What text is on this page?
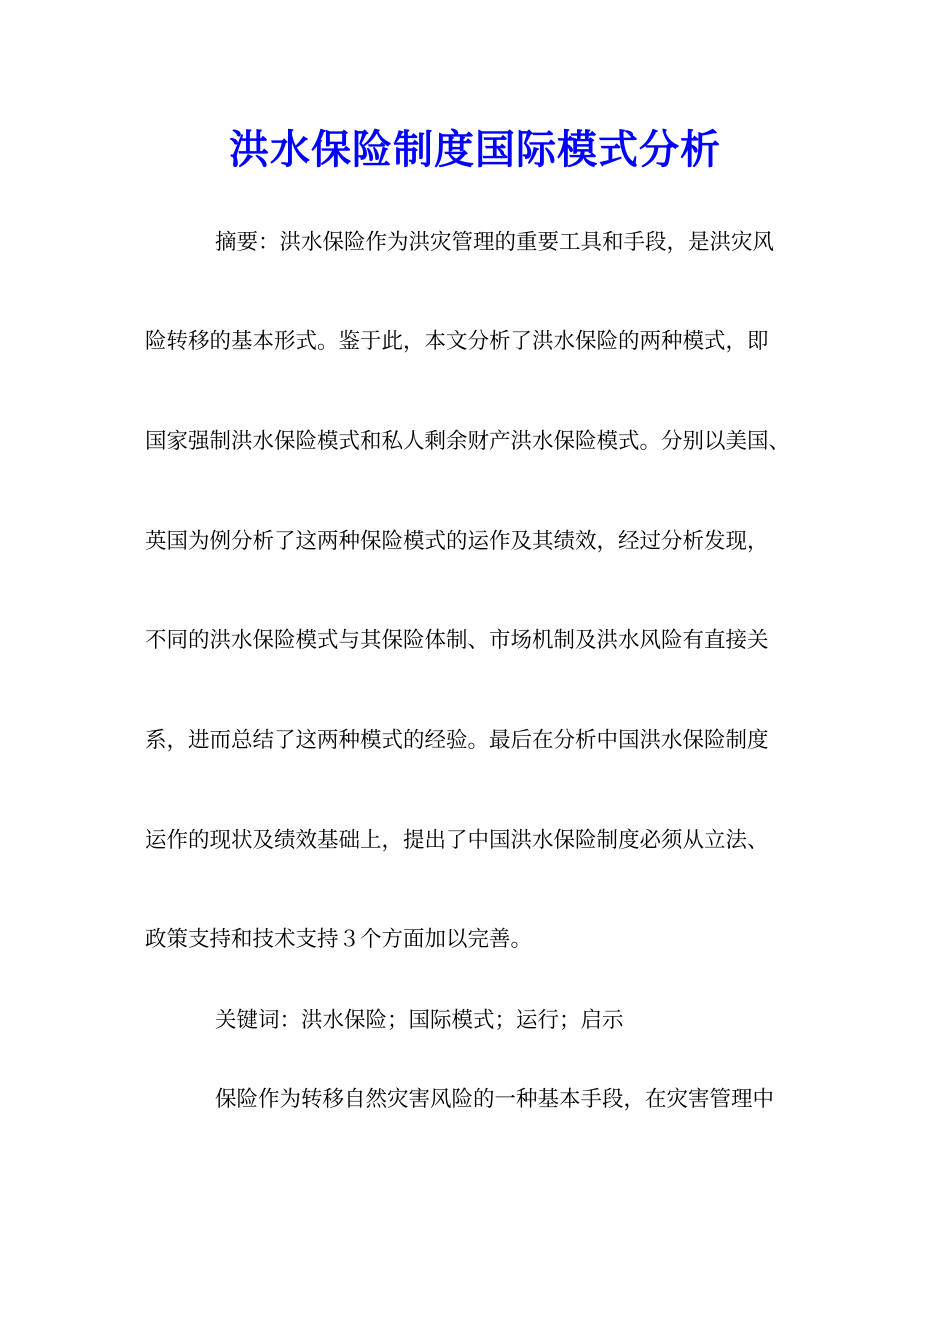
洪水保险制度国际模式分析

摘要：洪水保险作为洪灾管理的重要工具和手段，是洪灾风

险转移的基本形式。鉴于此，本文分析了洪水保险的两种模式，即

国家强制洪水保险模式和私人剩余财产洪水保险模式。分别以美国、

英国为例分析了这两种保险模式的运作及其绩效，经过分析发现，

不同的洪水保险模式与其保险体制、市场机制及洪水风险有直接关

系，进而总结了这两种模式的经验。最后在分析中国洪水保险制度

运作的现状及绩效基础上，提出了中国洪水保险制度必须从立法、

政策支持和技术支持３个方面加以完善。

关键词：洪水保险；国际模式；运行；启示

保险作为转移自然灾害风险的一种基本手段，在灾害管理中
